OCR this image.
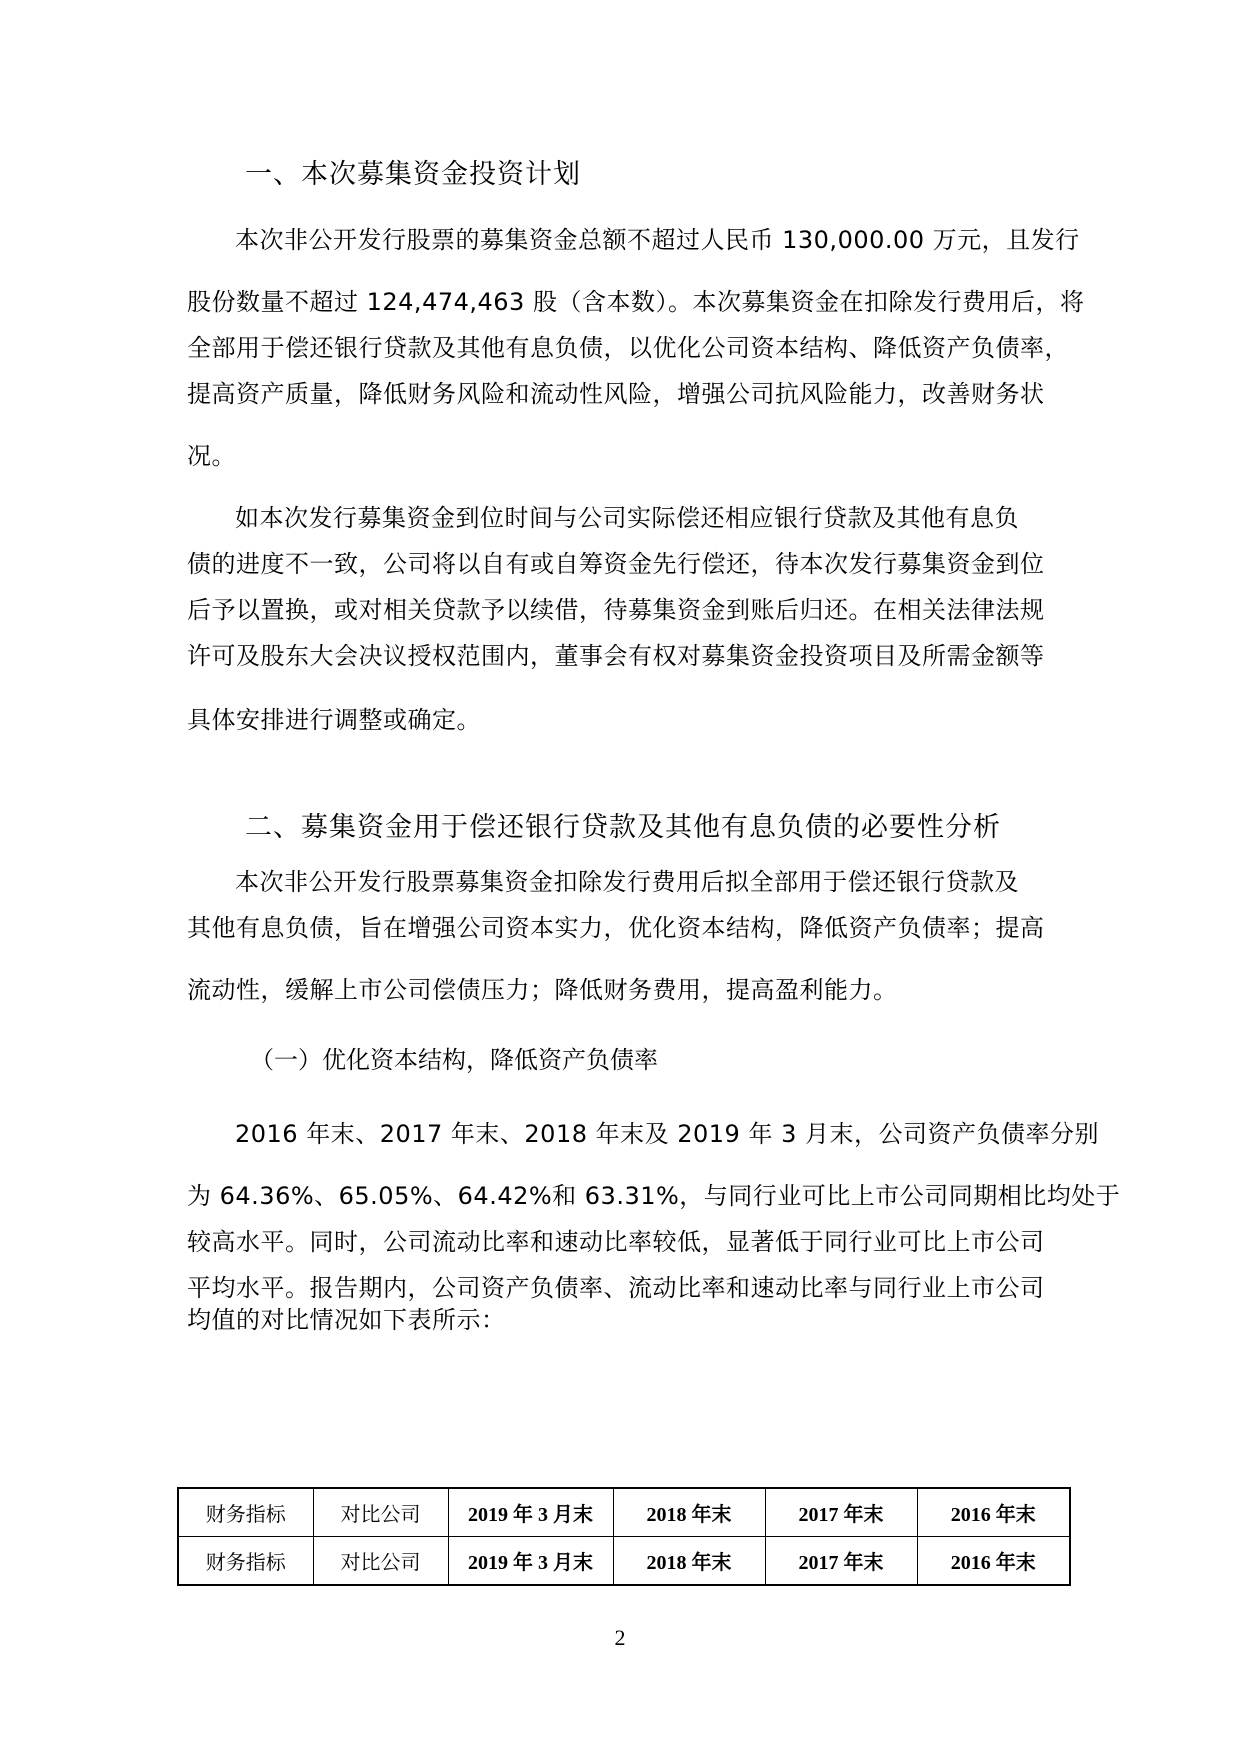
一、本次募集资金投资计划
本次非公开发行股票的募集资金总额不超过人民币 130,000.00 万元，且发行
股份数量不超过 124,474,463 股（含本数）。本次募集资金在扣除发行费用后，将
全部用于偿还银行贷款及其他有息负债，以优化公司资本结构、降低资产负债率，
提高资产质量，降低财务风险和流动性风险，增强公司抗风险能力，改善财务状
况。
如本次发行募集资金到位时间与公司实际偿还相应银行贷款及其他有息负
债的进度不一致，公司将以自有或自筹资金先行偿还，待本次发行募集资金到位
后予以置换，或对相关贷款予以续借，待募集资金到账后归还。在相关法律法规
许可及股东大会决议授权范围内，董事会有权对募集资金投资项目及所需金额等
具体安排进行调整或确定。
二、募集资金用于偿还银行贷款及其他有息负债的必要性分析
本次非公开发行股票募集资金扣除发行费用后拟全部用于偿还银行贷款及
其他有息负债，旨在增强公司资本实力，优化资本结构，降低资产负债率；提高
流动性，缓解上市公司偿债压力；降低财务费用，提高盈利能力。
（一）优化资本结构，降低资产负债率
2016 年末、2017 年末、2018 年末及 2019 年 3 月末，公司资产负债率分别
为 64.36%、65.05%、64.42%和 63.31%，与同行业可比上市公司同期相比均处于
较高水平。同时，公司流动比率和速动比率较低，显著低于同行业可比上市公司
平均水平。报告期内，公司资产负债率、流动比率和速动比率与同行业上市公司
均值的对比情况如下表所示：
财务指标	对比公司	2019 年 3 月末	2018 年末	2017 年末	2016 年末
财务指标	对比公司	2019 年 3 月末	2018 年末	2017 年末	2016 年末
2
